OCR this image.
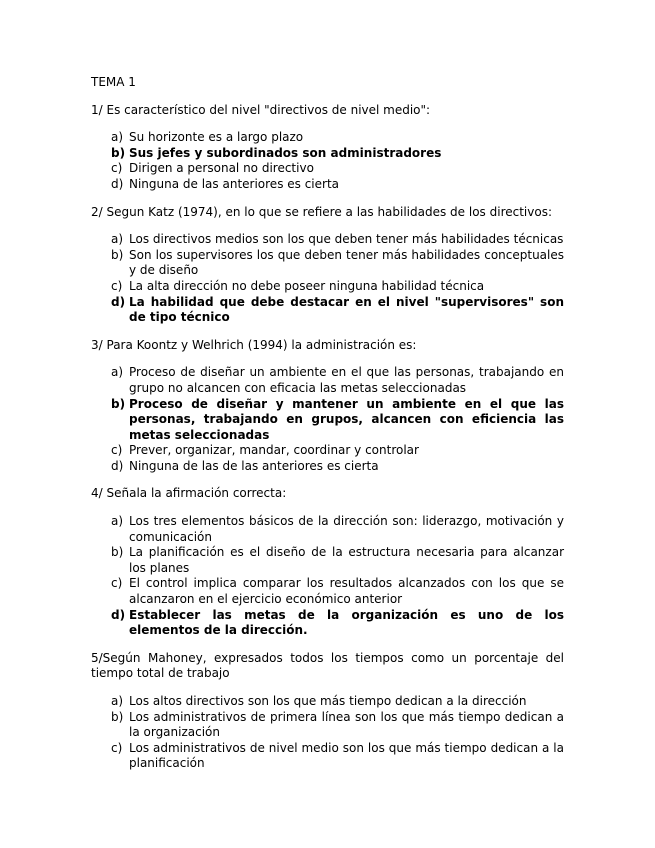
TEMA 1

1/ Es característico del nivel "directivos de nivel medio":

a) Su horizonte es a largo plazo
b) Sus jefes y subordinados son administradores
c) Dirigen a personal no directivo
d) Ninguna de las anteriores es cierta

2/ Segun Katz (1974), en lo que se refiere a las habilidades de los directivos:

a) Los directivos medios son los que deben tener más habilidades técnicas
b) Son los supervisores los que deben tener más habilidades conceptuales y de diseño
c) La alta dirección no debe poseer ninguna habilidad técnica
d) La habilidad que debe destacar en el nivel "supervisores" son de tipo técnico

3/ Para Koontz y Welhrich (1994) la administración es:

a) Proceso de diseñar un ambiente en el que las personas, trabajando en grupo no alcancen con eficacia las metas seleccionadas
b) Proceso de diseñar y mantener un ambiente en el que las personas, trabajando en grupos, alcancen con eficiencia las metas seleccionadas
c) Prever, organizar, mandar, coordinar y controlar
d) Ninguna de las de las anteriores es cierta

4/ Señala la afirmación correcta:

a) Los tres elementos básicos de la dirección son: liderazgo, motivación y comunicación
b) La planificación es el diseño de la estructura necesaria para alcanzar los planes
c) El control implica comparar los resultados alcanzados con los que se alcanzaron en el ejercicio económico anterior
d) Establecer las metas de la organización es uno de los elementos de la dirección.

5/Según Mahoney, expresados todos los tiempos como un porcentaje del tiempo total de trabajo

a) Los altos directivos son los que más tiempo dedican a la dirección
b) Los administrativos de primera línea son los que más tiempo dedican a la organización
c) Los administrativos de nivel medio son los que más tiempo dedican a la planificación
